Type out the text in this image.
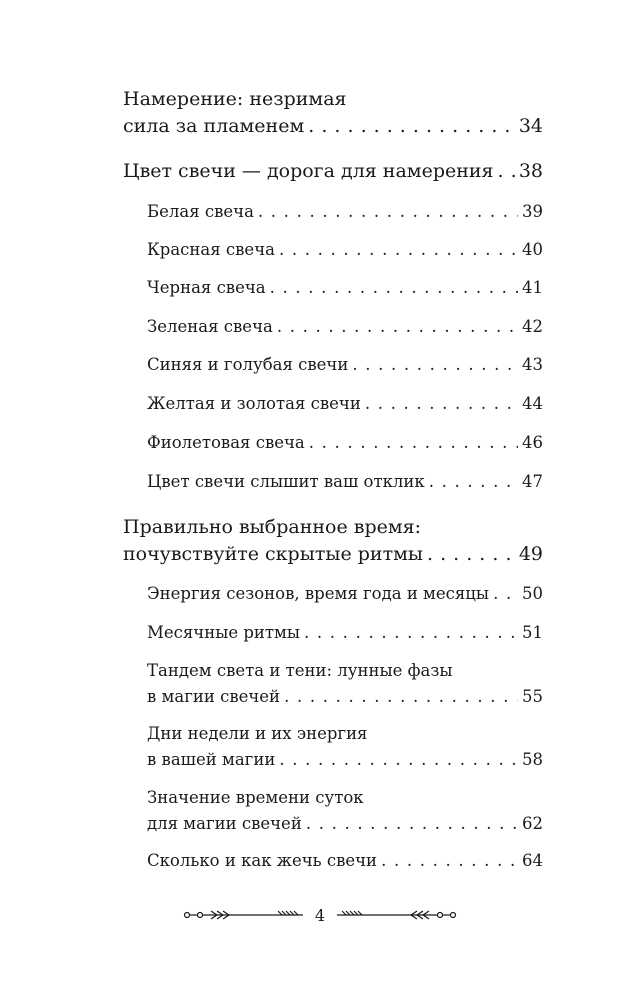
Намерение: незримая
сила за пламенем . . .	34
Цвет свечи — дорога для намерения . . . 38
Белая свеча . . .	39
Красная свеча . . .	40
Черная свеча . . .	41
Зеленая свеча . . .	42
Синяя и голубая свечи . . .	43
Желтая и золотая свечи . . .	44
Фиолетовая свеча . . .	46
Цвет свечи слышит ваш отклик . . .	47
Правильно выбранное время:
почувствуйте скрытые ритмы . . .	49
Энергия сезонов, время года и месяцы . . . 50
Месячные ритмы . . .	51
Тандем света и тени: лунные фазы
в магии свечей . . .	55
Дни недели и их энергия
в вашей магии . . .	58
Значение времени суток
для магии свечей . . .	62
Сколько и как жечь свечи . . .	64
4
